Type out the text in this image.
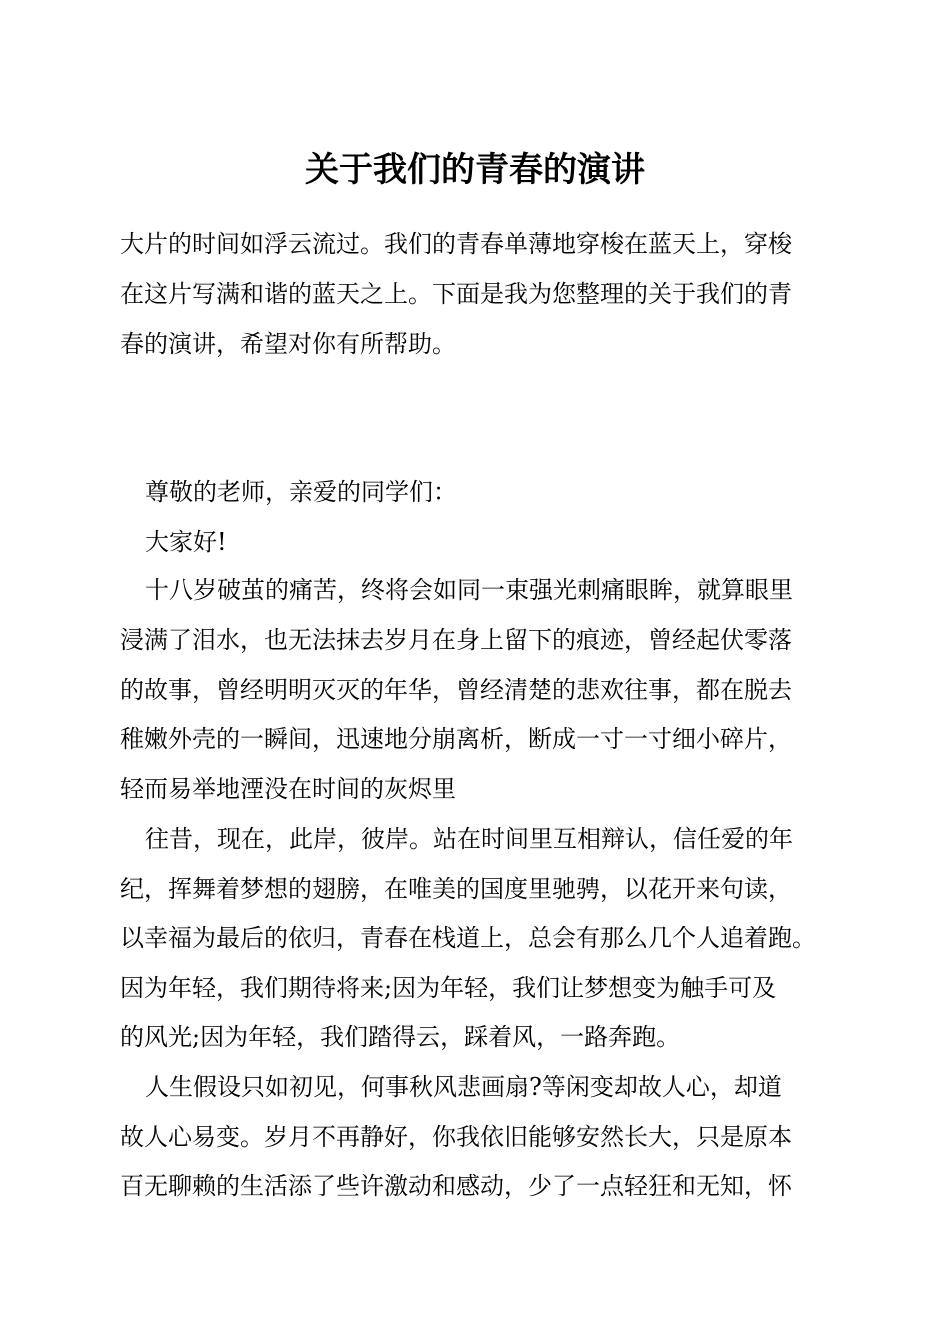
关于我们的青春的演讲

大片的时间如浮云流过。我们的青春单薄地穿梭在蓝天上，穿梭

在这片写满和谐的蓝天之上。下面是我为您整理的关于我们的青

春的演讲，希望对你有所帮助。

尊敬的老师，亲爱的同学们：

大家好!

十八岁破茧的痛苦，终将会如同一束强光刺痛眼眸，就算眼里

浸满了泪水，也无法抹去岁月在身上留下的痕迹，曾经起伏零落

的故事，曾经明明灭灭的年华，曾经清楚的悲欢往事，都在脱去

稚嫩外壳的一瞬间，迅速地分崩离析，断成一寸一寸细小碎片，

轻而易举地湮没在时间的灰烬里

往昔，现在，此岸，彼岸。站在时间里互相辩认，信任爱的年

纪，挥舞着梦想的翅膀，在唯美的国度里驰骋，以花开来句读，

以幸福为最后的依归，青春在栈道上，总会有那么几个人追着跑。

因为年轻，我们期待将来;因为年轻，我们让梦想变为触手可及

的风光;因为年轻，我们踏得云，踩着风，一路奔跑。

人生假设只如初见，何事秋风悲画扇?等闲变却故人心，却道

故人心易变。岁月不再静好，你我依旧能够安然长大，只是原本

百无聊赖的生活添了些许激动和感动，少了一点轻狂和无知，怀
